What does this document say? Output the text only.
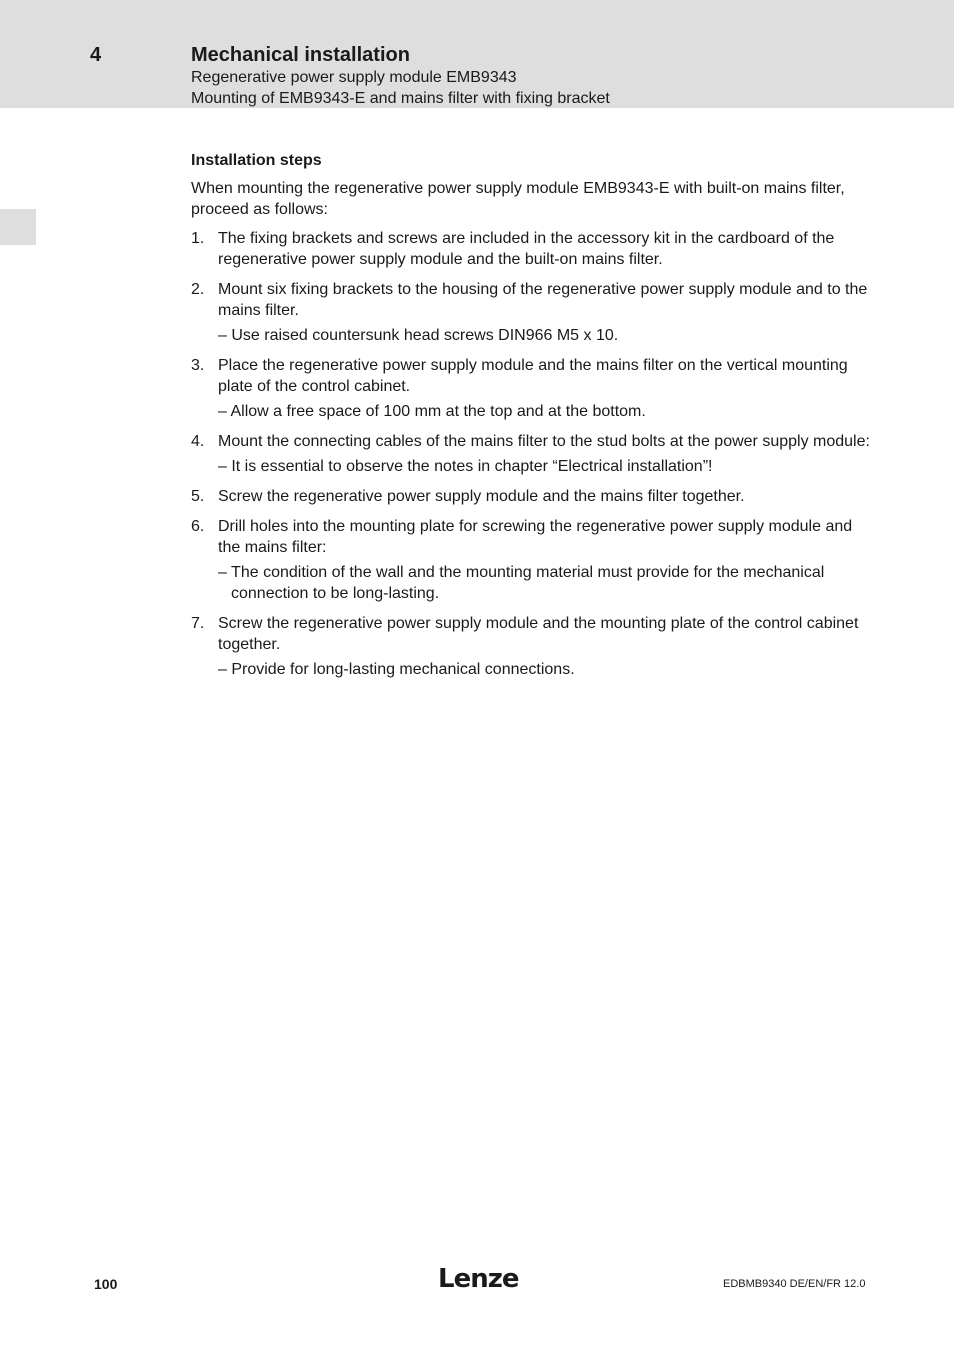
4	Mechanical installation
Regenerative power supply module EMB9343
Mounting of EMB9343-E and mains filter with fixing bracket
Installation steps

When mounting the regenerative power supply module EMB9343-E with built-on mains filter, proceed as follows:

1. The fixing brackets and screws are included in the accessory kit in the cardboard of the regenerative power supply module and the built-on mains filter.
2. Mount six fixing brackets to the housing of the regenerative power supply module and to the mains filter.
– Use raised countersunk head screws DIN966 M5 x 10.
3. Place the regenerative power supply module and the mains filter on the vertical mounting plate of the control cabinet.
– Allow a free space of 100 mm at the top and at the bottom.
4. Mount the connecting cables of the mains filter to the stud bolts at the power supply module:
– It is essential to observe the notes in chapter “Electrical installation”!
5. Screw the regenerative power supply module and the mains filter together.
6. Drill holes into the mounting plate for screwing the regenerative power supply module and the mains filter:
– The condition of the wall and the mounting material must provide for the mechanical connection to be long-lasting.
7. Screw the regenerative power supply module and the mounting plate of the control cabinet together.
– Provide for long-lasting mechanical connections.
100	Lenze	EDBMB9340 DE/EN/FR 12.0
